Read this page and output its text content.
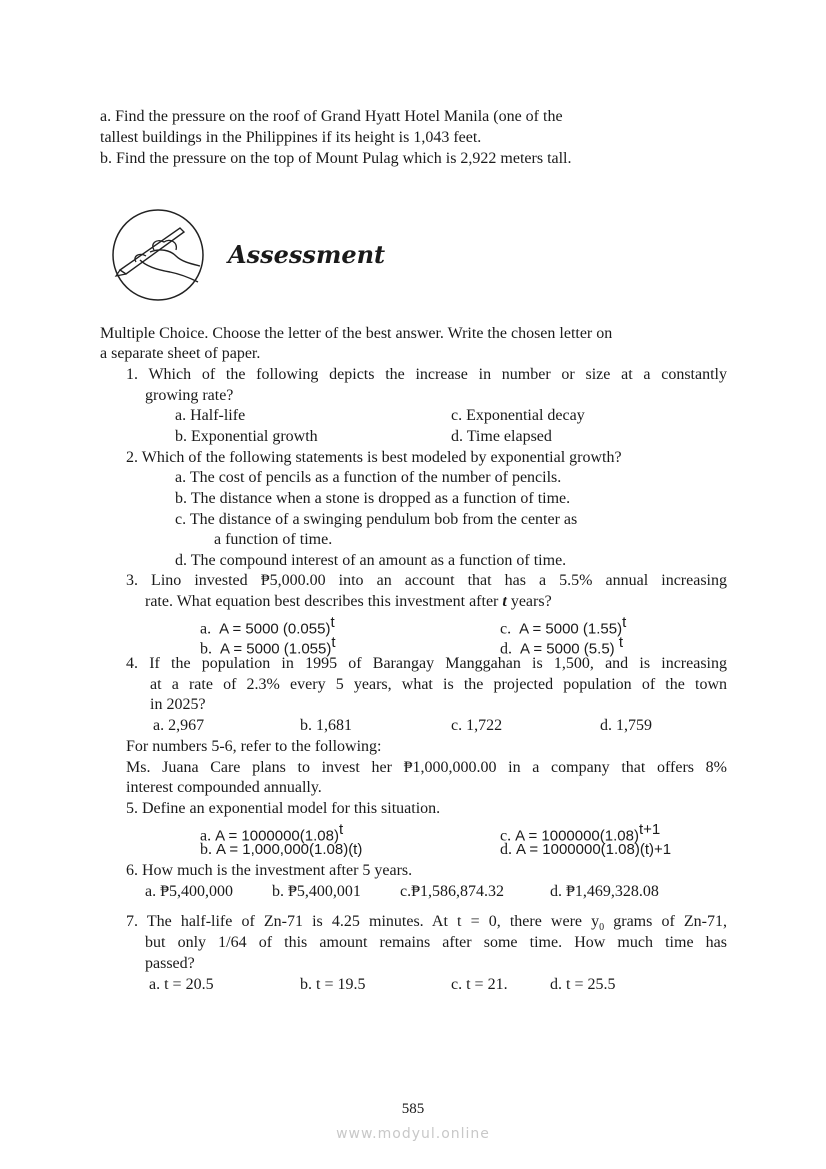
a. Find the pressure on the roof of Grand Hyatt Hotel Manila (one of the
tallest buildings in the Philippines if its height is 1,043 feet.
b. Find the pressure on the top of Mount Pulag which is 2,922 meters tall.
Assessment
Multiple Choice. Choose the letter of the best answer. Write the chosen letter on
a separate sheet of paper.
1. Which of the following depicts the increase in number or size at a constantly
growing rate?
a. Half-life	c. Exponential decay
b. Exponential growth	d. Time elapsed
2. Which of the following statements is best modeled by exponential growth?
a. The cost of pencils as a function of the number of pencils.
b. The distance when a stone is dropped as a function of time.
c. The distance of a swinging pendulum bob from the center as
a function of time.
d. The compound interest of an amount as a function of time.
3. Lino invested ₱5,000.00 into an account that has a 5.5% annual increasing
rate. What equation best describes this investment after t years?
a. A = 5000 $(0.055)^t$	c. A = 5000 $(1.55)^t$
b. A = 5000 $(1.055)^t$	d. A = 5000 (5.5) $^t$
4. If the population in 1995 of Barangay Manggahan is 1,500, and is increasing
at a rate of 2.3% every 5 years, what is the projected population of the town
in 2025?
a. 2,967	b. 1,681	c. 1,722	d. 1,759
For numbers 5-6, refer to the following:
Ms. Juana Care plans to invest her ₱1,000,000.00 in a company that offers 8%
interest compounded annually.
5. Define an exponential model for this situation.
a. $A = 1000000(1.08)^t$	c. $A = 1000000(1.08)^{t+1}$
b. A = 1,000,000(1.08)(t)	d. A = 1000000(1.08)(t)+1
6. How much is the investment after 5 years.
a. ₱5,400,000 b. ₱5,400,001 c.₱1,586,874.32	d. ₱1,469,328.08
7. The half-life of Zn-71 is 4.25 minutes. At t = 0, there were $y_0$ grams of Zn-71,
but only 1/64 of this amount remains after some time. How much time has
passed?
a. t = 20.5	b. t = 19.5	c. t = 21.	d. t = 25.5
585
www.modyul.online
